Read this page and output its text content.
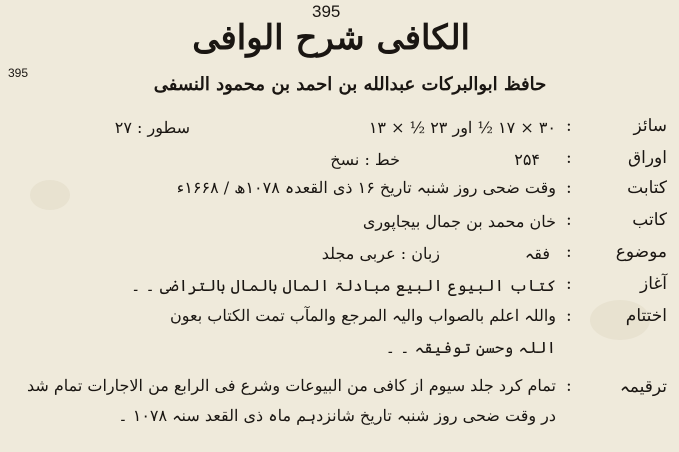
395
395
الکافی شرح الوافی
حافظ ابوالبرکات عبدالله بن احمد بن محمود النسفی
سائز
:
۳۰ × ۱۷ ½ اور ۲۳ ½ × ۱۳
سطور : ۲۷
اوراق
:
۲۵۴
خط : نسخ
کتابت
:
وقت ضحی روز شنبہ تاریخ ۱۶ ذی القعدہ ۱۰۷۸ھ / ۱۶۶۸ء
کاتب
:
خان محمد بن جمال بیجاپوری
موضوع
:
فقہ
زبان : عربی مجلد
آغاز
:
کتاب البیوع البیع مبادلۃ المال بالمال بالتراضی ۔ ۔
اختتام
:
واللہ اعلم بالصواب والیہ المرجع والمآب تمت الکتاب بعون
اللہ وحسن توفیقہ ۔ ۔
ترقیمہ
:
تمام کرد جلد سیوم از کافی من البیوعات وشرع فی الرابع من الاجارات تمام شد
در وقت ضحی روز شنبہ تاریخ شانزدہم ماہ ذی القعد سنہ ۱۰۷۸ ۔
